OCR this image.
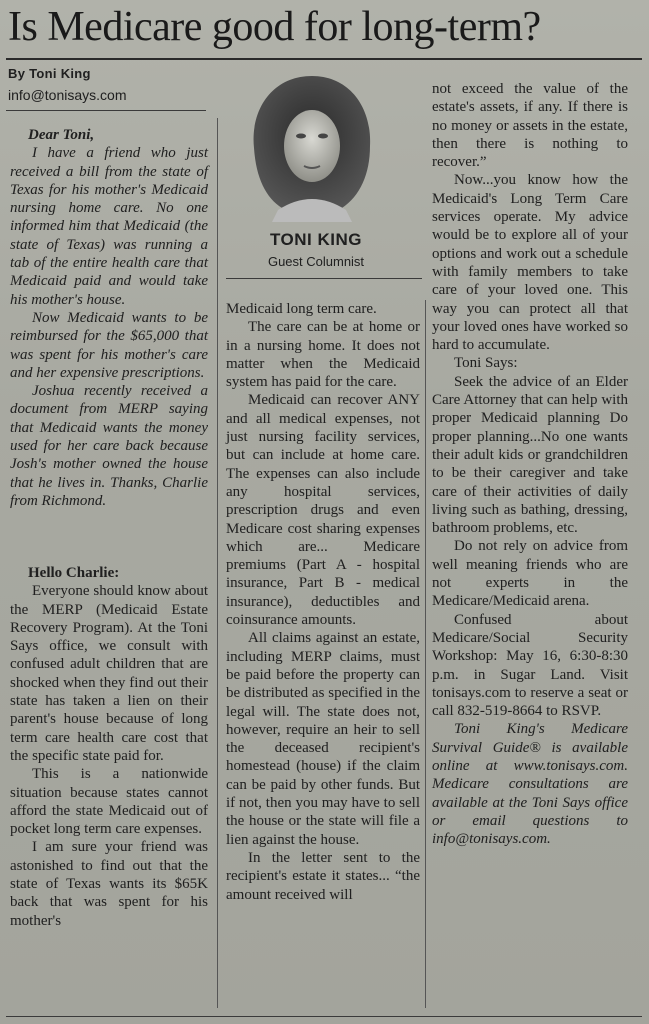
Is Medicare good for long-term?
By Toni King
info@tonisays.com
TONI KING
Guest Columnist

Dear Toni,

I have a friend who just received a bill from the state of Texas for his mother's Medicaid nursing home care. No one informed him that Medicaid (the state of Texas) was running a tab of the entire health care that Medicaid paid and would take his mother's house.

Now Medicaid wants to be reimbursed for the $65,000 that was spent for his mother's care and her expensive prescriptions.

Joshua recently received a document from MERP saying that Medicaid wants the money used for her care back because Josh's mother owned the house that he lives in. Thanks, Charlie from Richmond.

Hello Charlie:

Everyone should know about the MERP (Medicaid Estate Recovery Program). At the Toni Says office, we consult with confused adult children that are shocked when they find out their state has taken a lien on their parent's house because of long term care health care cost that the specific state paid for.

This is a nationwide situation because states cannot afford the state Medicaid out of pocket long term care expenses.

I am sure your friend was astonished to find out that the state of Texas wants its $65K back that was spent for his mother's

Medicaid long term care.

The care can be at home or in a nursing home. It does not matter when the Medicaid system has paid for the care.

Medicaid can recover ANY and all medical expenses, not just nursing facility services, but can include at home care. The expenses can also include any hospital services, prescription drugs and even Medicare cost sharing expenses which are... Medicare premiums (Part A - hospital insurance, Part B - medical insurance), deductibles and coinsurance amounts.

All claims against an estate, including MERP claims, must be paid before the property can be distributed as specified in the legal will. The state does not, however, require an heir to sell the deceased recipient's homestead (house) if the claim can be paid by other funds. But if not, then you may have to sell the house or the state will file a lien against the house.

In the letter sent to the recipient's estate it states... “the amount received will

not exceed the value of the estate's assets, if any. If there is no money or assets in the estate, then there is nothing to recover.”

Now...you know how the Medicaid's Long Term Care services operate. My advice would be to explore all of your options and work out a schedule with family members to take care of your loved one. This way you can protect all that your loved ones have worked so hard to accumulate.

Toni Says:

Seek the advice of an Elder Care Attorney that can help with proper Medicaid planning Do proper planning...No one wants their adult kids or grandchildren to be their caregiver and take care of their activities of daily living such as bathing, dressing, bathroom problems, etc.

Do not rely on advice from well meaning friends who are not experts in the Medicare/Medicaid arena.

Confused about Medicare/Social Security Workshop: May 16, 6:30-8:30 p.m. in Sugar Land. Visit tonisays.com to reserve a seat or call 832-519-8664 to RSVP.

Toni King's Medicare Survival Guide® is available online at www.tonisays.com. Medicare consultations are available at the Toni Says office or email questions to info@tonisays.com.
